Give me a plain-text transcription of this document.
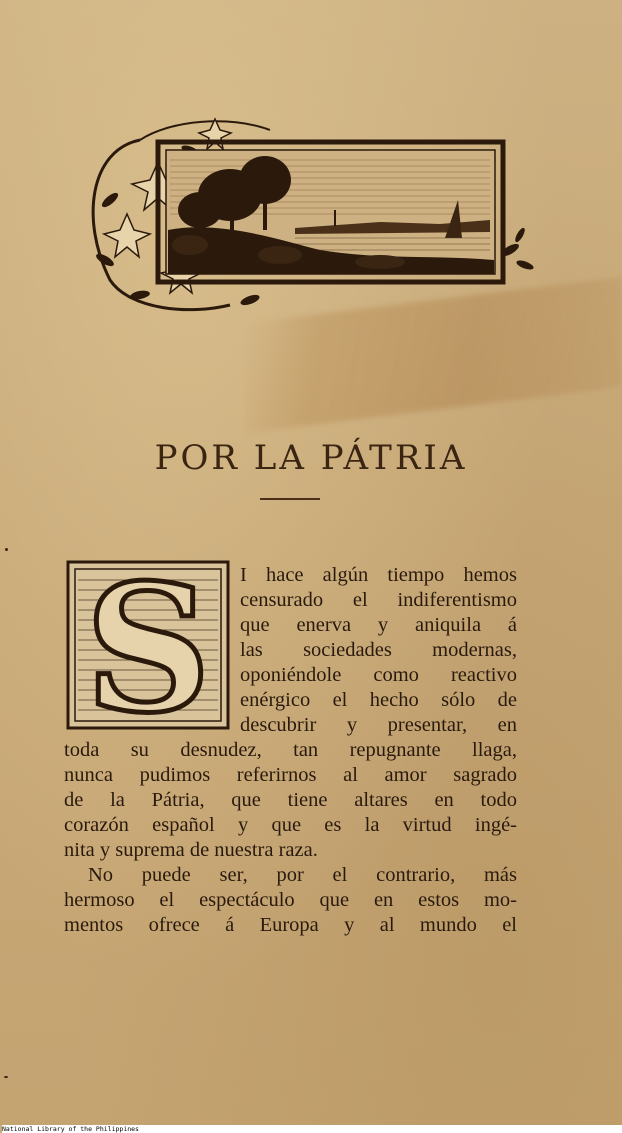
POR LA PÁTRIA
S I hace algún tiempo hemos
censurado el indiferentismo
que enerva y aniquila á
las sociedades modernas,
oponiéndole como reactivo
enérgico el hecho sólo de
descubrir y presentar, en
toda su desnudez, tan repugnante llaga,
nunca pudimos referirnos al amor sagrado
de la Pátria, que tiene altares en todo
corazón español y que es la virtud ingé-
nita y suprema de nuestra raza.
No puede ser, por el contrario, más
hermoso el espectáculo que en estos mo-
mentos ofrece á Europa y al mundo el
National Library of the Philippines
